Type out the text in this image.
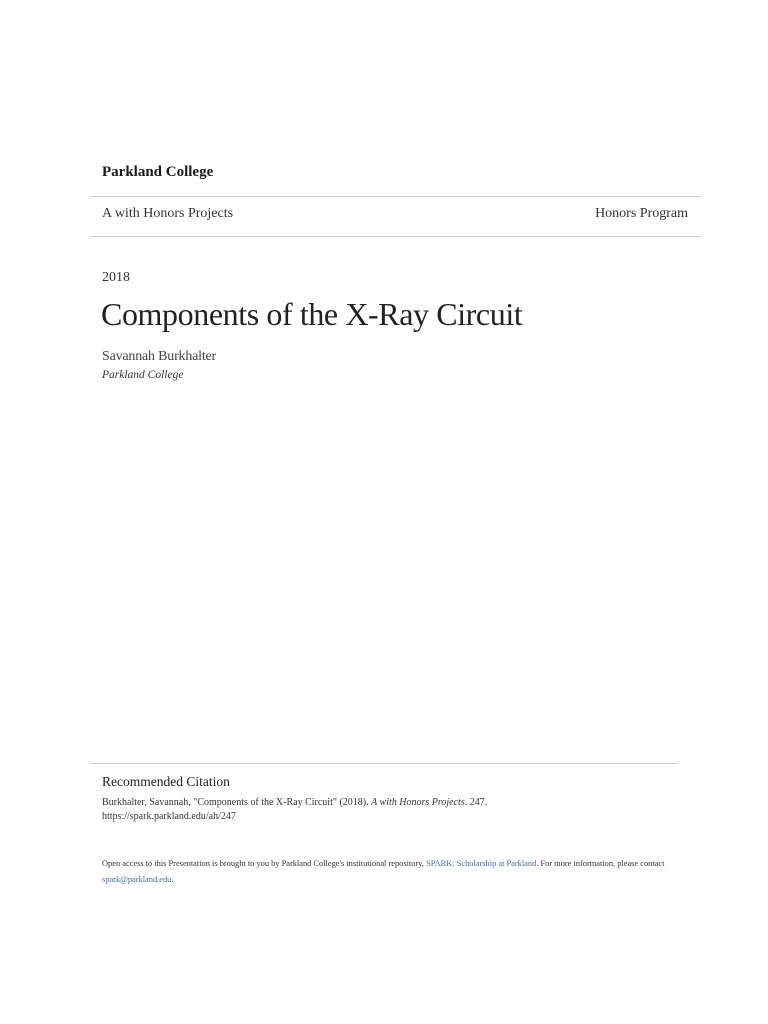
Parkland College
A with Honors Projects	Honors Program
2018
Components of the X-Ray Circuit
Savannah Burkhalter
Parkland College
Recommended Citation
Burkhalter, Savannah, "Components of the X-Ray Circuit" (2018). A with Honors Projects. 247.
https://spark.parkland.edu/ah/247
Open access to this Presentation is brought to you by Parkland College's institutional repository, SPARK: Scholarship at Parkland. For more information, please contact spark@parkland.edu.
